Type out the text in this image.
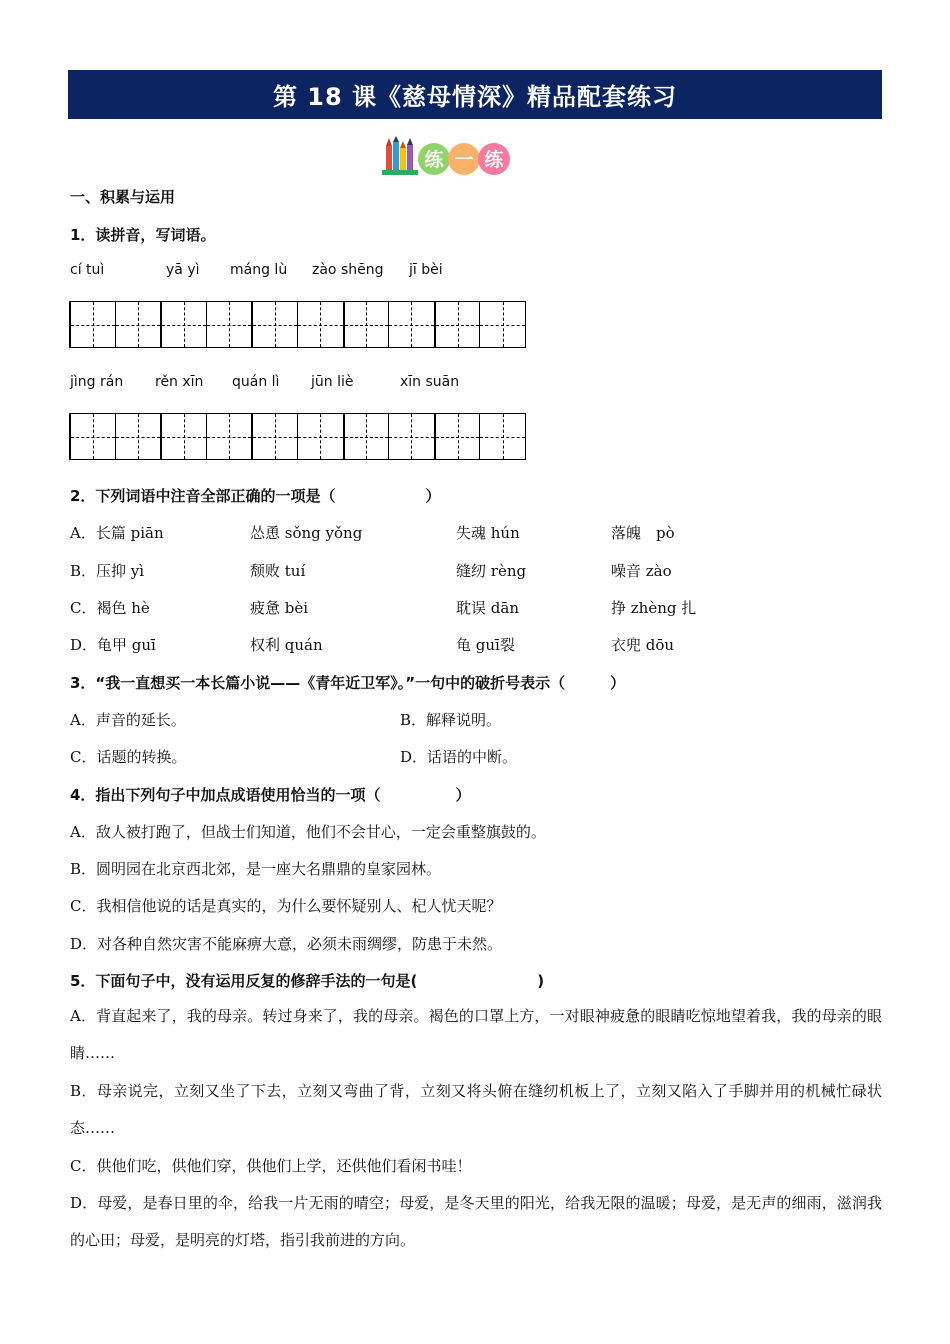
第 18 课《慈母情深》精品配套练习
练 一 练
一、积累与运用
1．读拼音，写词语。
cí tuì	yā yì máng lù zào shēng jī bèi
jìng rán rěn xīn quán lì jūn liè	xīn suān
2．下列词语中注音全部正确的一项是（　　　　　　）
A．长篇 piān	怂恿 sǒng yǒng	失魂 hún	落魄　pò
B．压抑 yì	颓败 tuí	缝纫 rèng	噪音 zào
C．褐色 hè	疲惫 bèi	耽误 dān	挣 zhèng 扎
D．龟甲 guī	权利 quán	龟 guī裂	衣兜 dōu
3．“我一直想买一本长篇小说——《青年近卫军》。”一句中的破折号表示（　　　）
A．声音的延长。	B．解释说明。
C．话题的转换。	D．话语的中断。
4．指出下列句子中加点成语使用恰当的一项（　　　　　）
A．敌人被打跑了，但战士们知道，他们不会甘心，一定会重整旗鼓的。
B．圆明园在北京西北郊，是一座大名鼎鼎的皇家园林。
C．我相信他说的话是真实的，为什么要怀疑别人、杞人忧天呢？
D．对各种自然灾害不能麻痹大意，必须未雨绸缪，防患于未然。
5．下面句子中，没有运用反复的修辞手法的一句是(　　　　　　　　)
A．背直起来了，我的母亲。转过身来了，我的母亲。褐色的口罩上方，一对眼神疲惫的眼睛吃惊地望着我，我的母亲的眼睛……
B．母亲说完，立刻又坐了下去，立刻又弯曲了背，立刻又将头俯在缝纫机板上了，立刻又陷入了手脚并用的机械忙碌状态……
C．供他们吃，供他们穿，供他们上学，还供他们看闲书哇！
D．母爱，是春日里的伞，给我一片无雨的晴空；母爱，是冬天里的阳光，给我无限的温暖；母爱，是无声的细雨，滋润我的心田；母爱，是明亮的灯塔，指引我前进的方向。
